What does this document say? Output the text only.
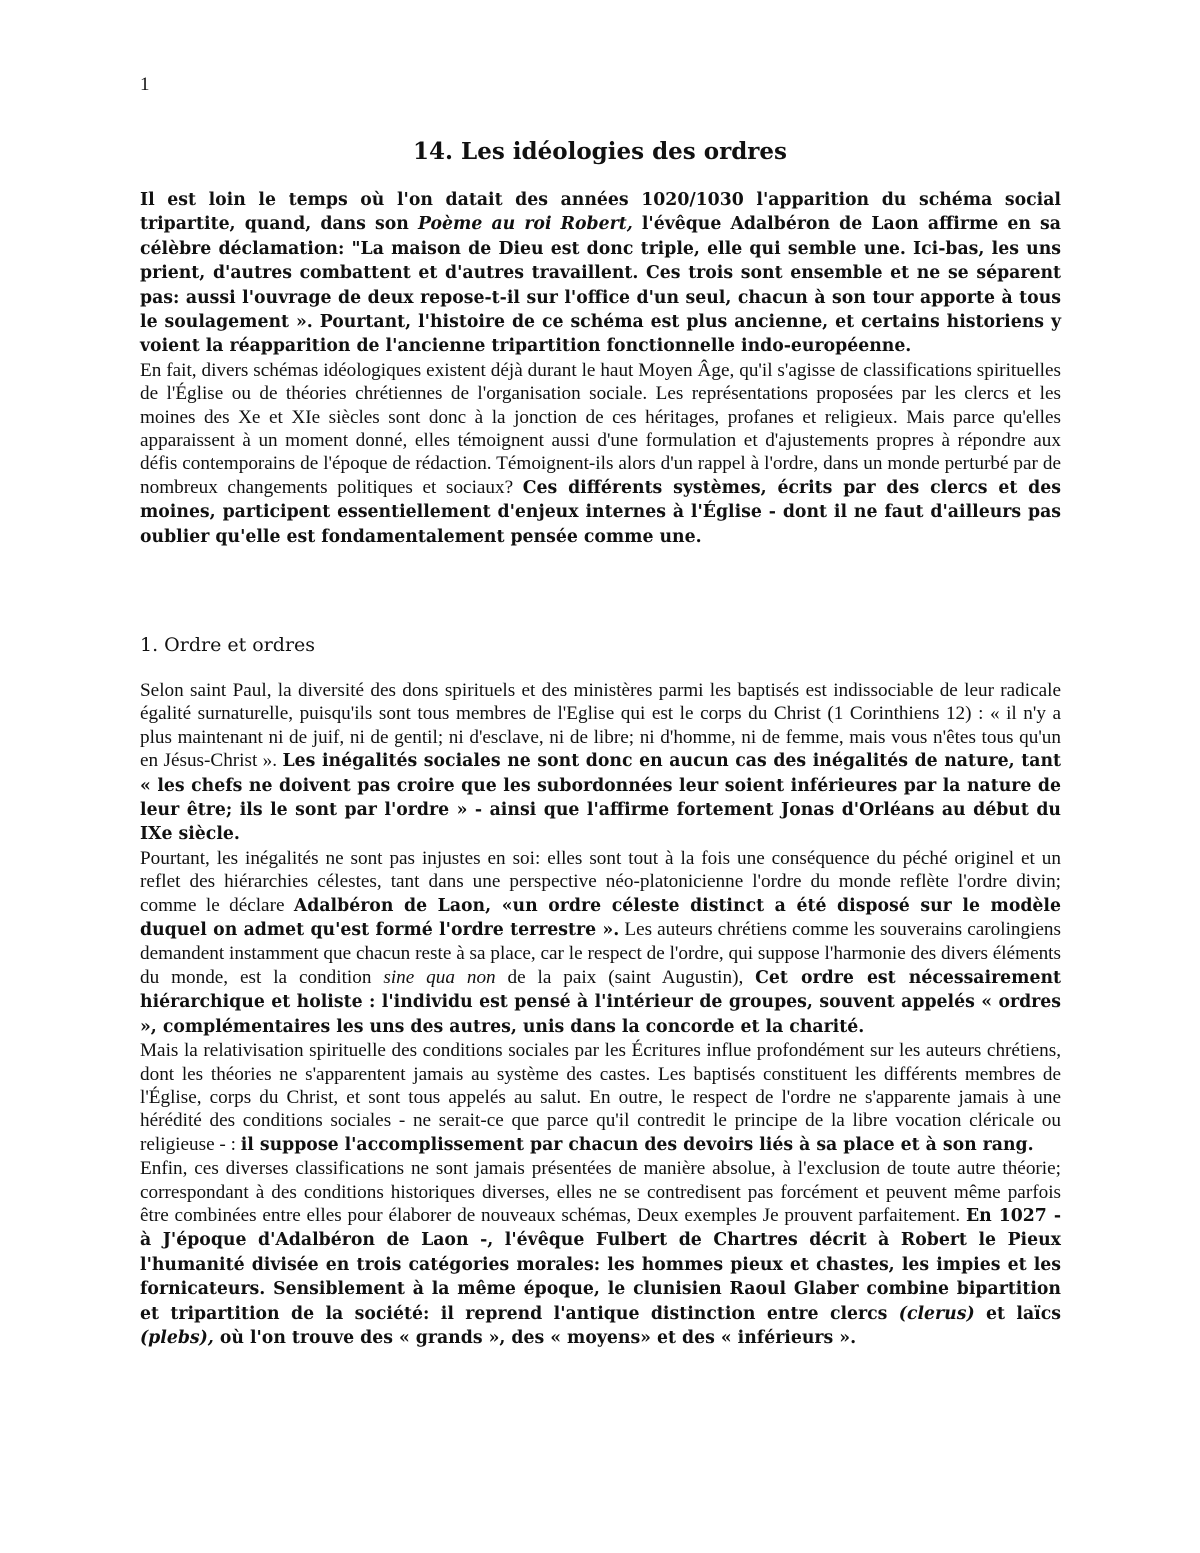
1
14. Les idéologies des ordres

Il est loin le temps où l'on datait des années 1020/1030 l'apparition du schéma social tripartite, quand, dans son Poème au roi Robert, l'évêque Adalbéron de Laon affirme en sa célèbre déclamation: "La maison de Dieu est donc triple, elle qui semble une. Ici-bas, les uns prient, d'autres combattent et d'autres travaillent. Ces trois sont ensemble et ne se séparent pas: aussi l'ouvrage de deux repose-t-il sur l'office d'un seul, chacun à son tour apporte à tous le soulagement ». Pourtant, l'histoire de ce schéma est plus ancienne, et certains historiens y voient la réapparition de l'ancienne tripartition fonctionnelle indo-européenne.

En fait, divers schémas idéologiques existent déjà durant le haut Moyen Âge, qu'il s'agisse de classifications spirituelles de l'Église ou de théories chrétiennes de l'organisation sociale. Les représentations proposées par les clercs et les moines des Xe et XIe siècles sont donc à la jonction de ces héritages, profanes et religieux. Mais parce qu'elles apparaissent à un moment donné, elles témoignent aussi d'une formulation et d'ajustements propres à répondre aux défis contemporains de l'époque de rédaction. Témoignent-ils alors d'un rappel à l'ordre, dans un monde perturbé par de nombreux changements politiques et sociaux? Ces différents systèmes, écrits par des clercs et des moines, participent essentiellement d'enjeux internes à l'Église - dont il ne faut d'ailleurs pas oublier qu'elle est fondamentalement pensée comme une.

1. Ordre et ordres

Selon saint Paul, la diversité des dons spirituels et des ministères parmi les baptisés est indissociable de leur radicale égalité surnaturelle, puisqu'ils sont tous membres de l'Eglise qui est le corps du Christ (1 Corinthiens 12) : « il n'y a plus maintenant ni de juif, ni de gentil; ni d'esclave, ni de libre; ni d'homme, ni de femme, mais vous n'êtes tous qu'un en Jésus-Christ ». Les inégalités sociales ne sont donc en aucun cas des inégalités de nature, tant « les chefs ne doivent pas croire que les subordonnées leur soient inférieures par la nature de leur être; ils le sont par l'ordre » - ainsi que l'affirme fortement Jonas d'Orléans au début du IXe siècle.

Pourtant, les inégalités ne sont pas injustes en soi: elles sont tout à la fois une conséquence du péché originel et un reflet des hiérarchies célestes, tant dans une perspective néo-platonicienne l'ordre du monde reflète l'ordre divin; comme le déclare Adalbéron de Laon, «un ordre céleste distinct a été disposé sur le modèle duquel on admet qu'est formé l'ordre terrestre ». Les auteurs chrétiens comme les souverains carolingiens demandent instamment que chacun reste à sa place, car le respect de l'ordre, qui suppose l'harmonie des divers éléments du monde, est la condition sine qua non de la paix (saint Augustin), Cet ordre est nécessairement hiérarchique et holiste : l'individu est pensé à l'intérieur de groupes, souvent appelés « ordres », complémentaires les uns des autres, unis dans la concorde et la charité.

Mais la relativisation spirituelle des conditions sociales par les Écritures influe profondément sur les auteurs chrétiens, dont les théories ne s'apparentent jamais au système des castes. Les baptisés constituent les différents membres de l'Église, corps du Christ, et sont tous appelés au salut. En outre, le respect de l'ordre ne s'apparente jamais à une hérédité des conditions sociales - ne serait-ce que parce qu'il contredit le principe de la libre vocation cléricale ou religieuse - : il suppose l'accomplissement par chacun des devoirs liés à sa place et à son rang.

Enfin, ces diverses classifications ne sont jamais présentées de manière absolue, à l'exclusion de toute autre théorie; correspondant à des conditions historiques diverses, elles ne se contredisent pas forcément et peuvent même parfois être combinées entre elles pour élaborer de nouveaux schémas, Deux exemples Je prouvent parfaitement. En 1027 - à J'époque d'Adalbéron de Laon -, l'évêque Fulbert de Chartres décrit à Robert le Pieux l'humanité divisée en trois catégories morales: les hommes pieux et chastes, les impies et les fornicateurs. Sensiblement à la même époque, le clunisien Raoul Glaber combine bipartition et tripartition de la société: il reprend l'antique distinction entre clercs (clerus) et laïcs (plebs), où l'on trouve des « grands », des « moyens» et des « inférieurs ».
